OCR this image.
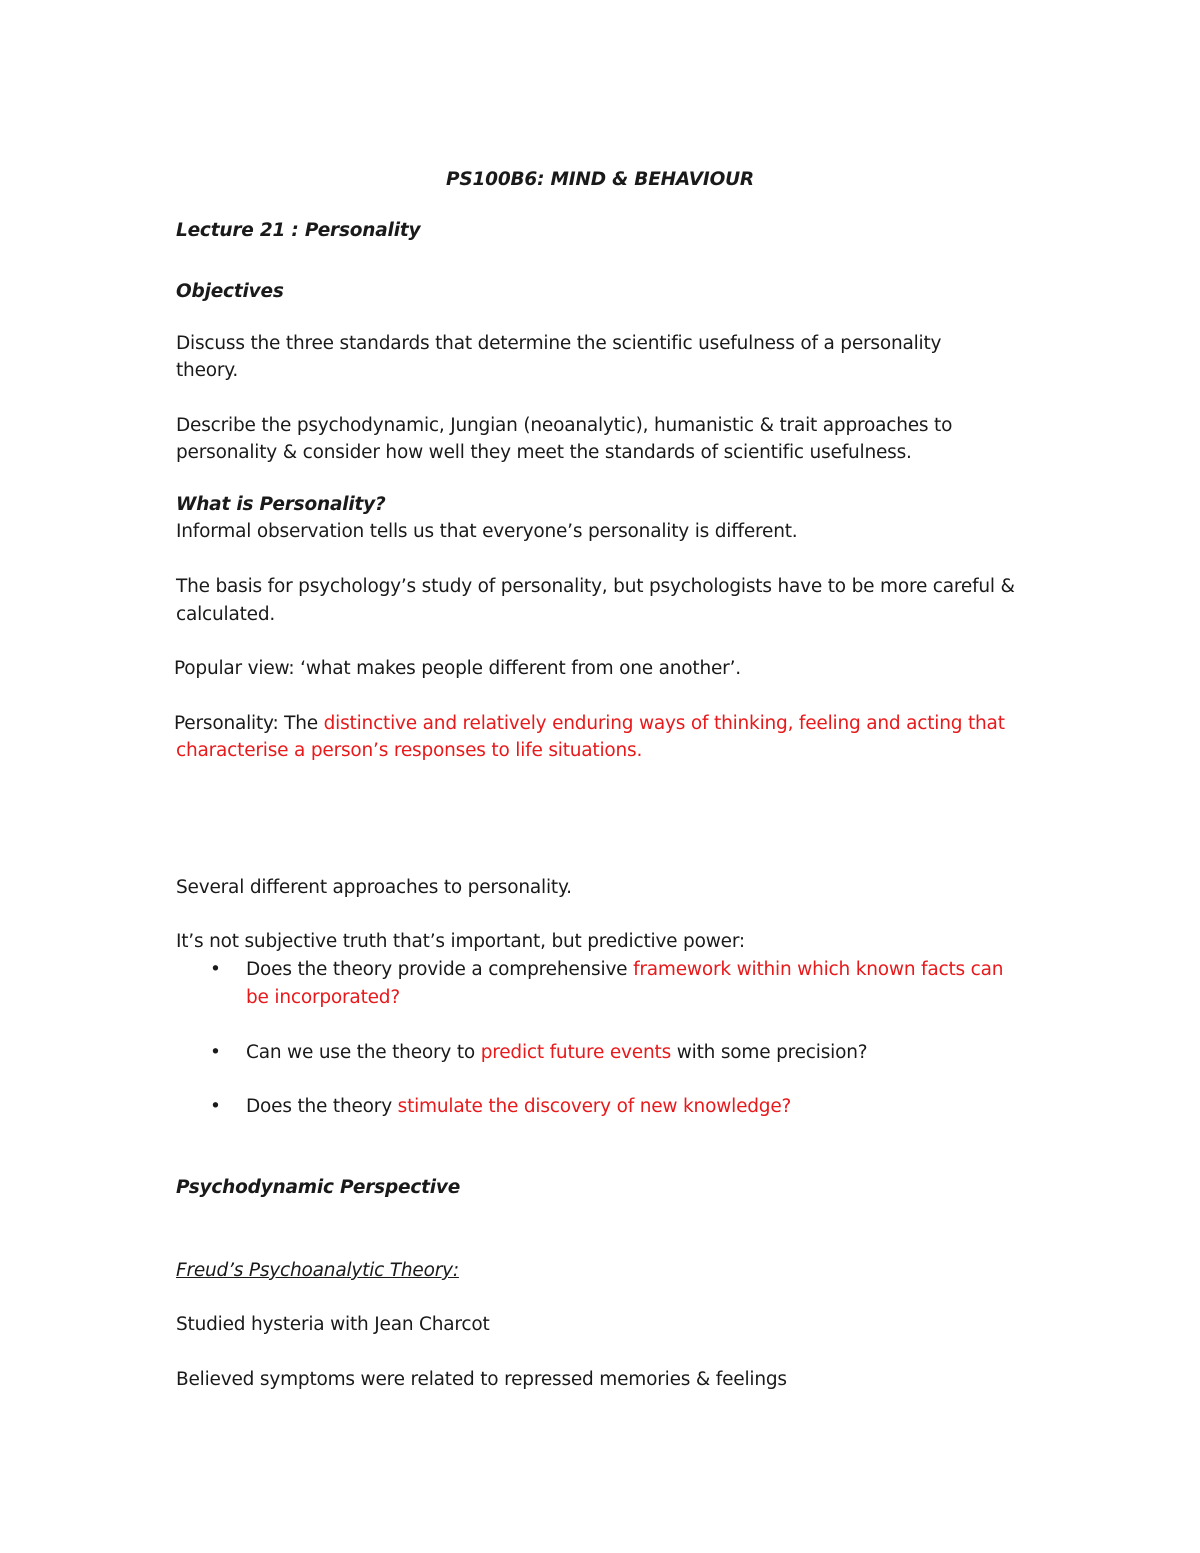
PS100B6: MIND & BEHAVIOUR
Lecture 21 : Personality
Objectives
Discuss the three standards that determine the scientific usefulness of a personality
theory.
Describe the psychodynamic, Jungian (neoanalytic), humanistic & trait approaches to
personality & consider how well they meet the standards of scientific usefulness.
What is Personality?
Informal observation tells us that everyone’s personality is different.
The basis for psychology’s study of personality, but psychologists have to be more careful &
calculated.
Popular view: ‘what makes people different from one another’.
Personality: The distinctive and relatively enduring ways of thinking, feeling and acting that
characterise a person’s responses to life situations.
Several different approaches to personality.
It’s not subjective truth that’s important, but predictive power:
•	Does the theory provide a comprehensive framework within which known facts can
be incorporated?
•	Can we use the theory to predict future events with some precision?
•	Does the theory stimulate the discovery of new knowledge?
Psychodynamic Perspective
Freud’s Psychoanalytic Theory:
Studied hysteria with Jean Charcot
Believed symptoms were related to repressed memories & feelings
